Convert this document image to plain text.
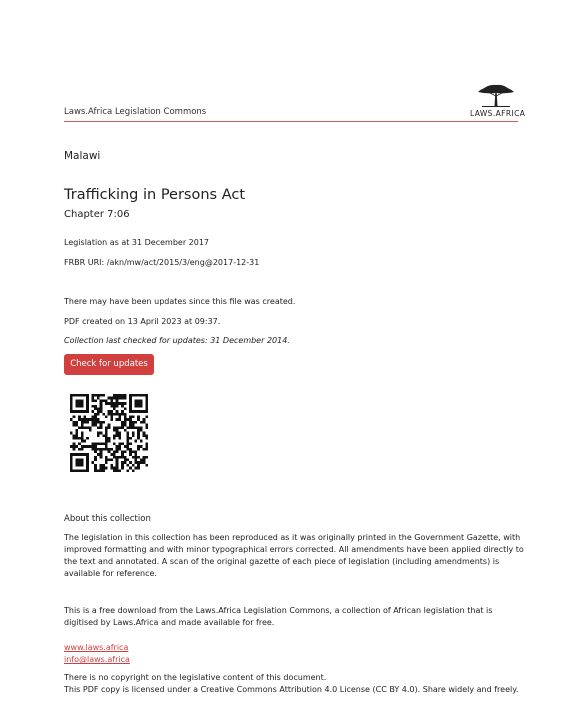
Laws.Africa Legislation Commons	LAWS.AFRICA
Malawi
Trafficking in Persons Act
Chapter 7:06
Legislation as at 31 December 2017
FRBR URI: /akn/mw/act/2015/3/eng@2017-12-31
There may have been updates since this file was created.
PDF created on 13 April 2023 at 09:37.
Collection last checked for updates: 31 December 2014.
Check for updates
About this collection
The legislation in this collection has been reproduced as it was originally printed in the Government Gazette, with improved formatting and with minor typographical errors corrected. All amendments have been applied directly to the text and annotated. A scan of the original gazette of each piece of legislation (including amendments) is available for reference.
This is a free download from the Laws.Africa Legislation Commons, a collection of African legislation that is digitised by Laws.Africa and made available for free.
www.laws.africa
info@laws.africa
There is no copyright on the legislative content of this document.
This PDF copy is licensed under a Creative Commons Attribution 4.0 License (CC BY 4.0). Share widely and freely.
